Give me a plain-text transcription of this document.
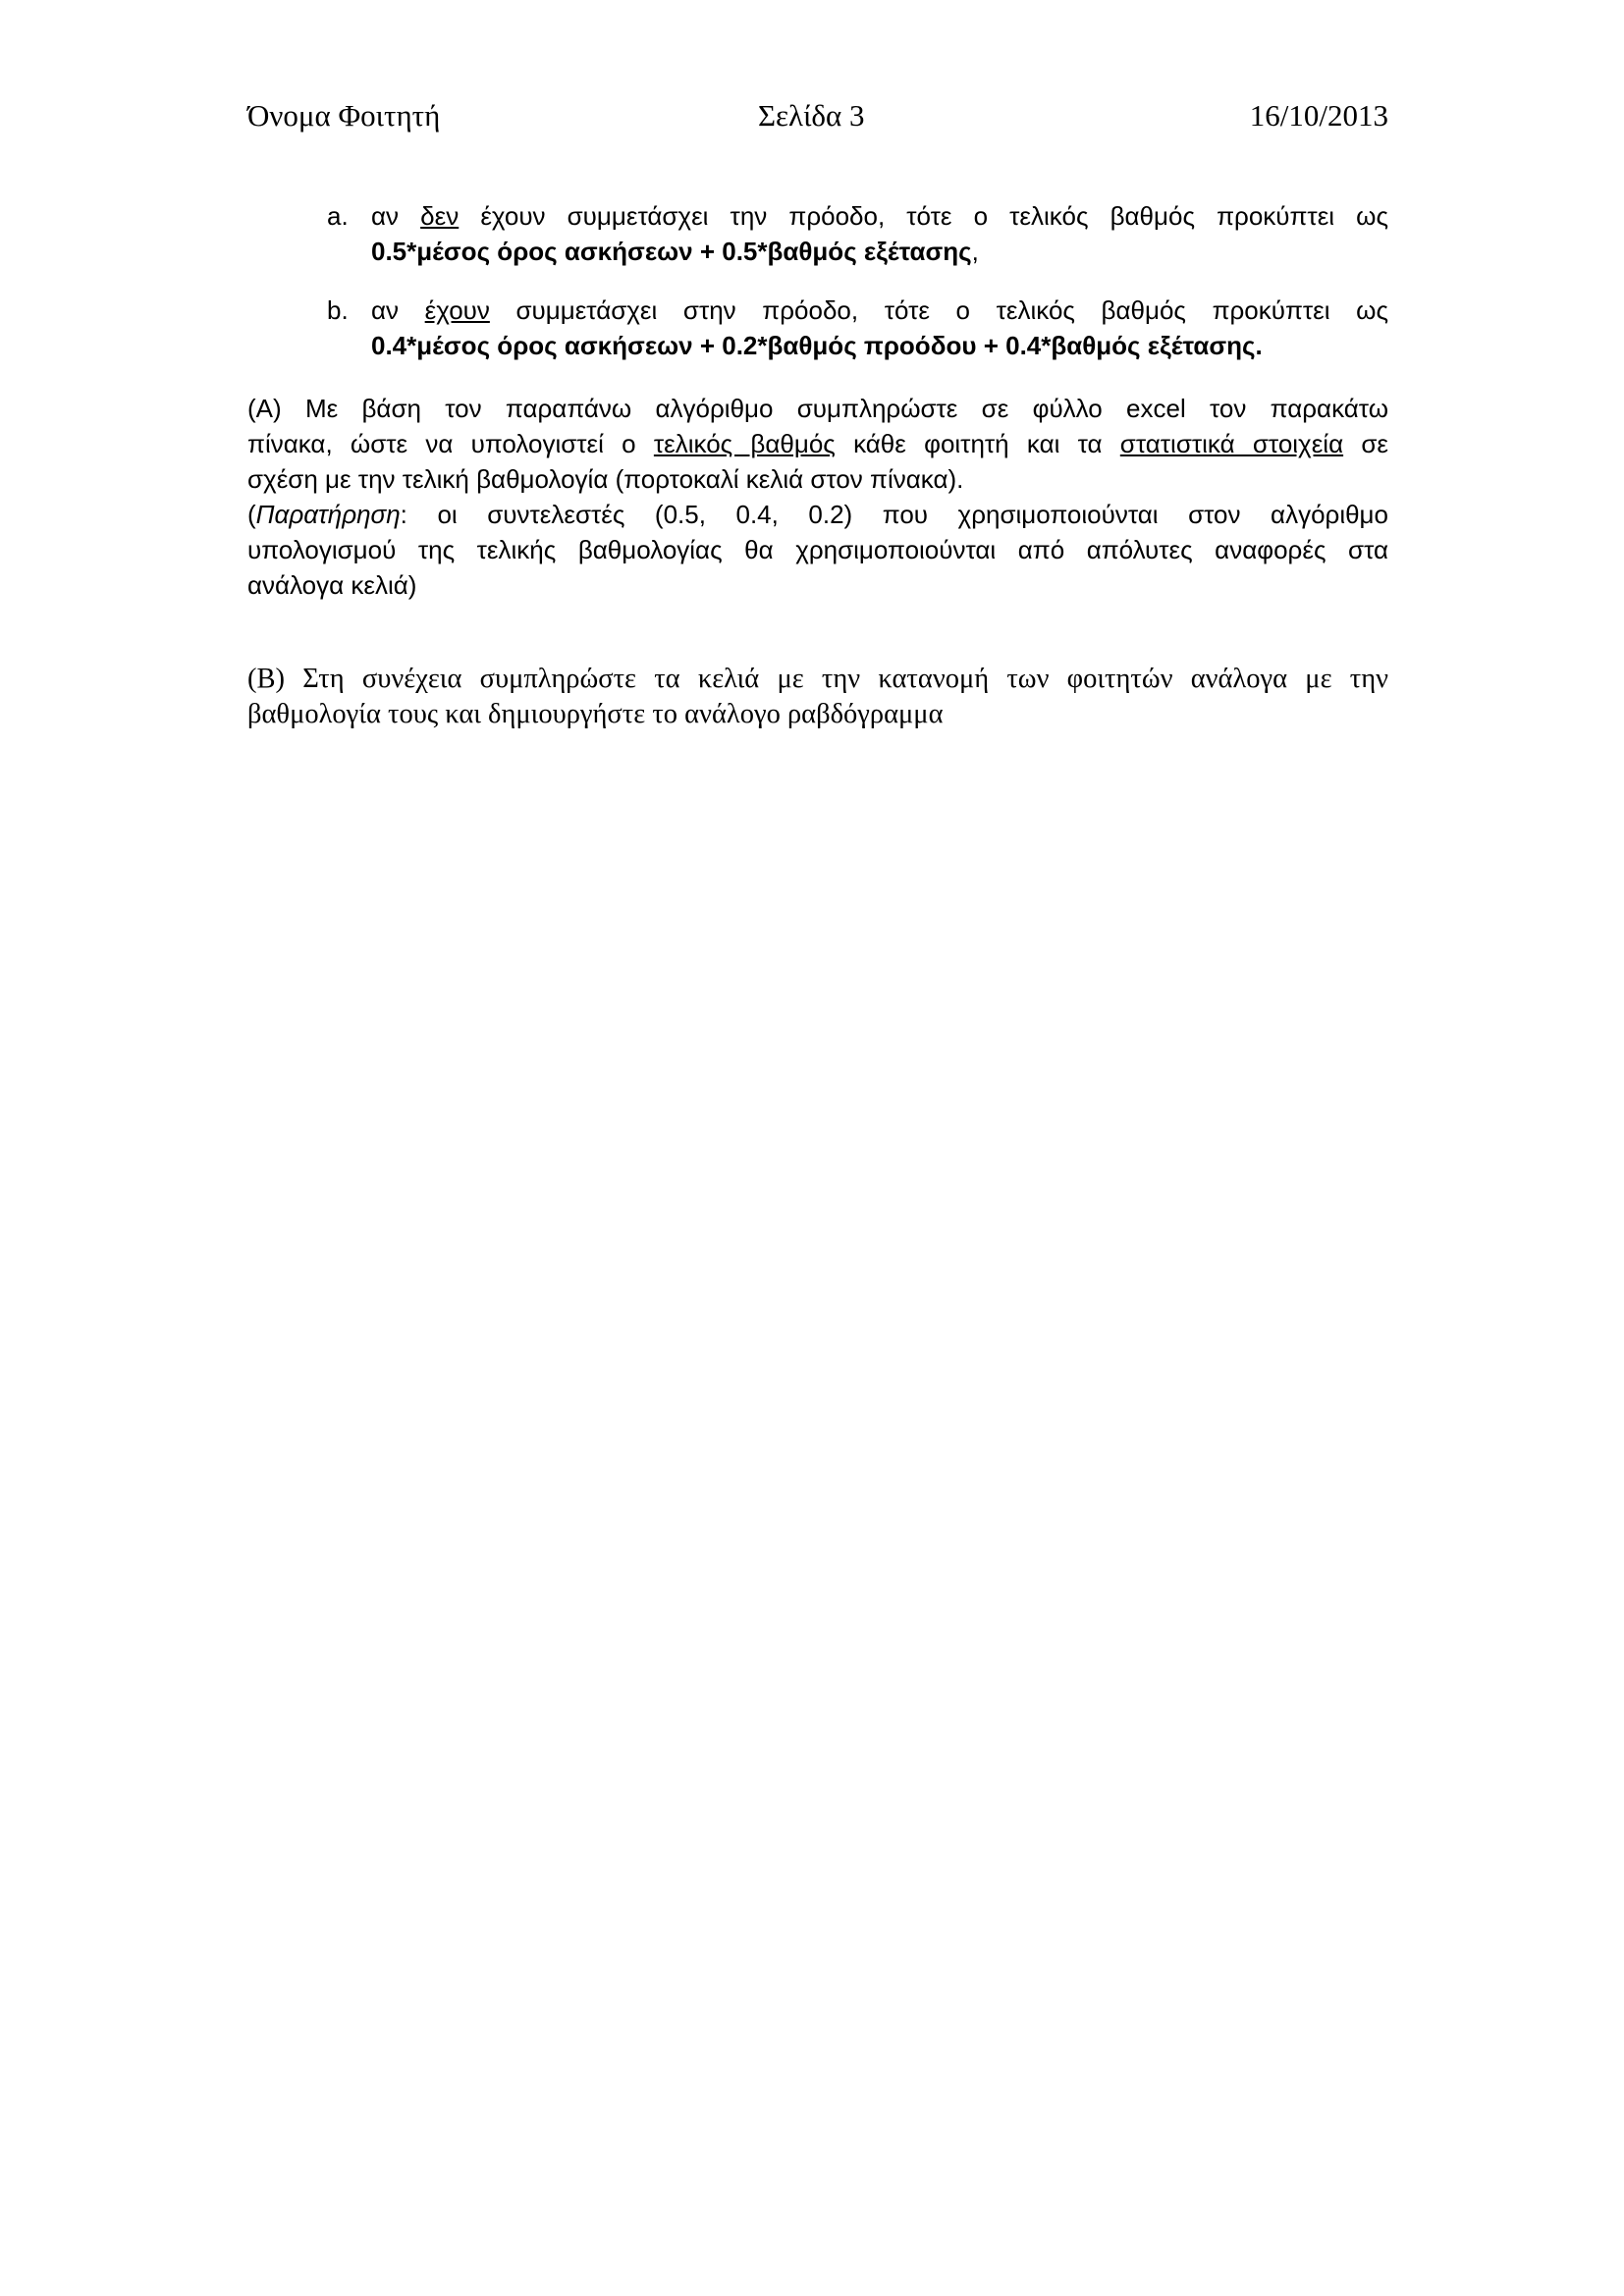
Όνομα Φοιτητή	Σελίδα 3	16/10/2013
a. αν δεν έχουν συμμετάσχει την πρόοδο, τότε ο τελικός βαθμός προκύπτει ως
0.5*μέσος όρος ασκήσεων + 0.5*βαθμός εξέτασης,
b. αν έχουν συμμετάσχει στην πρόοδο, τότε ο τελικός βαθμός προκύπτει ως
0.4*μέσος όρος ασκήσεων + 0.2*βαθμός προόδου + 0.4*βαθμός εξέτασης.
(Α) Με βάση τον παραπάνω αλγόριθμο συμπληρώστε σε φύλλο excel τον παρακάτω
πίνακα, ώστε να υπολογιστεί ο τελικός βαθμός κάθε φοιτητή και τα στατιστικά στοιχεία σε
σχέση με την τελική βαθμολογία (πορτοκαλί κελιά στον πίνακα).
(Παρατήρηση: οι συντελεστές (0.5, 0.4, 0.2) που χρησιμοποιούνται στον αλγόριθμο
υπολογισμού της τελικής βαθμολογίας θα χρησιμοποιούνται από απόλυτες αναφορές στα
ανάλογα κελιά)
(Β) Στη συνέχεια συμπληρώστε τα κελιά με την κατανομή των φοιτητών ανάλογα με την
βαθμολογία τους και δημιουργήστε το ανάλογο ραβδόγραμμα
